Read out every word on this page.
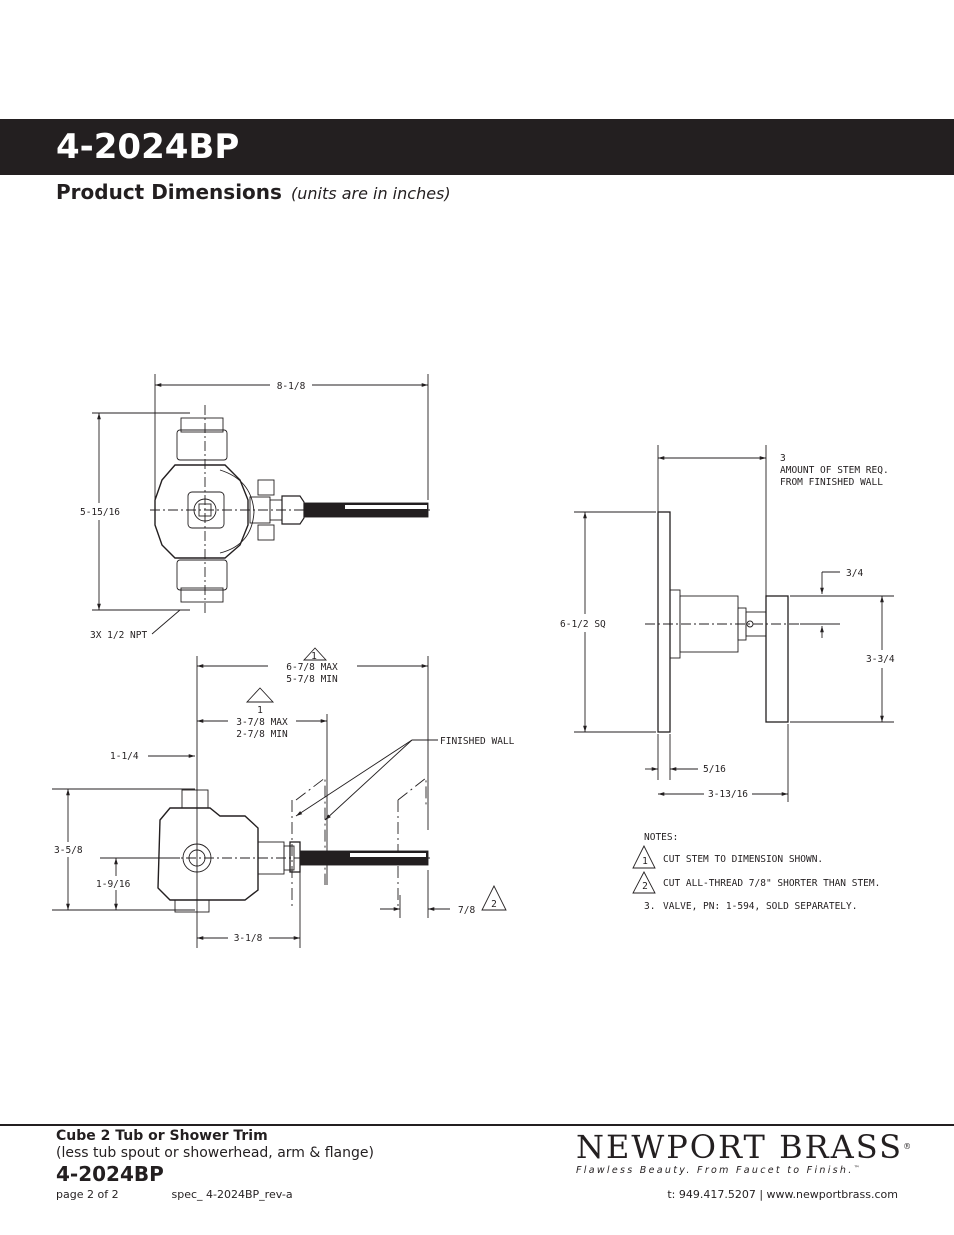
4-2024BP
Product Dimensions (units are in inches)
8-1/8
5-15/16
3X 1/2 NPT
1
6-7/8 MAX
5-7/8 MIN
1
3-7/8 MAX
2-7/8 MIN
FINISHED WALL
1-1/4
3-5/8
1-9/16
3-1/8
7/8
2
3
AMOUNT OF STEM REQ.
FROM FINISHED WALL
6-1/2 SQ
3/4
3-3/4
5/16
3-13/16
NOTES:
1 CUT STEM TO DIMENSION SHOWN.
2 CUT ALL-THREAD 7/8" SHORTER THAN STEM.
3. VALVE, PN: 1-594, SOLD SEPARATELY.
Cube 2 Tub or Shower Trim
(less tub spout or showerhead, arm & flange)
4-2024BP
page 2 of 2	spec_ 4-2024BP_rev-a
NEWPORT BRASS®
Flawless Beauty. From Faucet to Finish.™
t: 949.417.5207 | www.newportbrass.com
